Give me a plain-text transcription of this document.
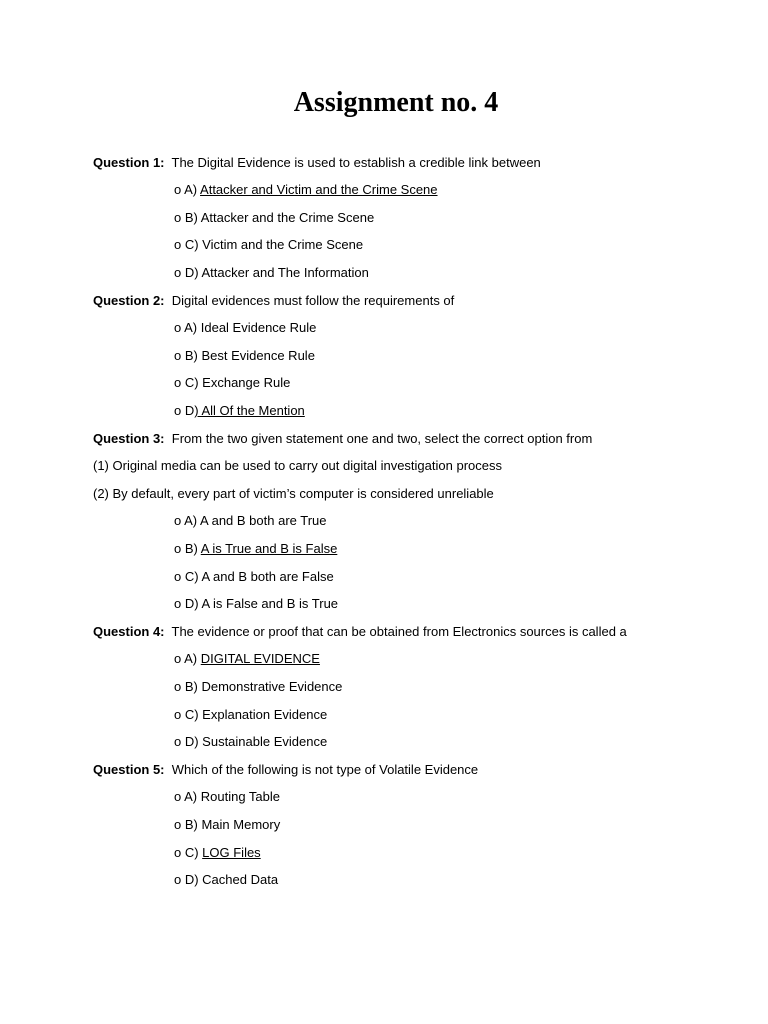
Assignment no. 4
Question 1: The Digital Evidence is used to establish a credible link between
o A) Attacker and Victim and the Crime Scene
o B) Attacker and the Crime Scene
o C) Victim and the Crime Scene
o D) Attacker and The Information
Question 2: Digital evidences must follow the requirements of
o A) Ideal Evidence Rule
o B) Best Evidence Rule
o C) Exchange Rule
o D) All Of the Mention
Question 3: From the two given statement one and two, select the correct option from
(1) Original media can be used to carry out digital investigation process
(2) By default, every part of victim’s computer is considered unreliable
o A) A and B both are True
o B) A is True and B is False
o C) A and B both are False
o D) A is False and B is True
Question 4: The evidence or proof that can be obtained from Electronics sources is called a
o A) DIGITAL EVIDENCE
o B) Demonstrative Evidence
o C) Explanation Evidence
o D) Sustainable Evidence
Question 5: Which of the following is not type of Volatile Evidence
o A) Routing Table
o B) Main Memory
o C) LOG Files
o D) Cached Data
